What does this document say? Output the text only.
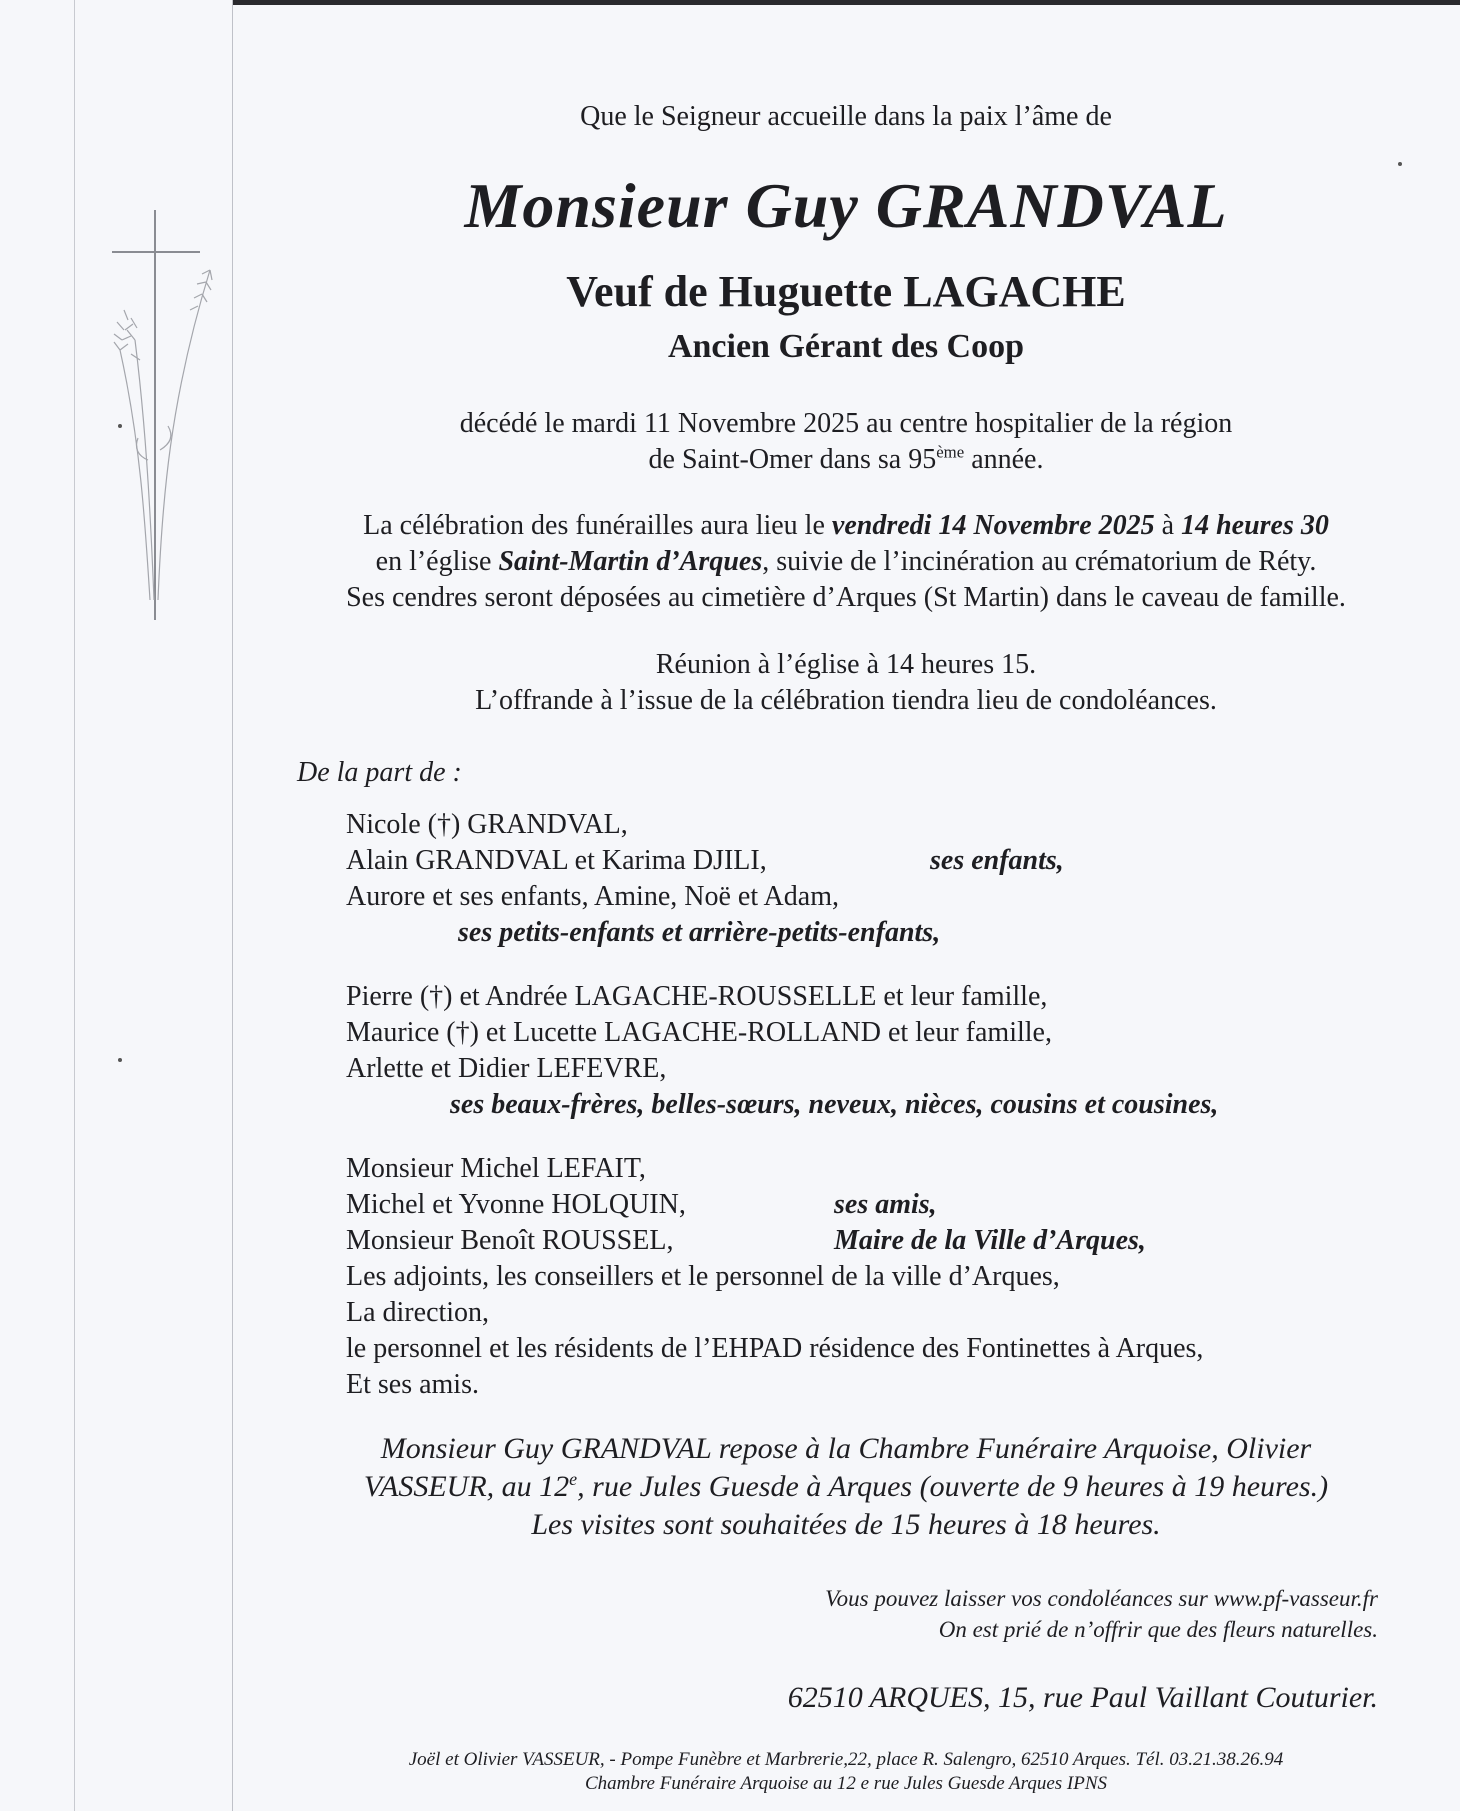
Que le Seigneur accueille dans la paix l’âme de

Monsieur Guy GRANDVAL

Veuf de Huguette LAGACHE

Ancien Gérant des Coop

décédé le mardi 11 Novembre 2025 au centre hospitalier de la région

de Saint-Omer dans sa 95ème année.

La célébration des funérailles aura lieu le vendredi 14 Novembre 2025 à 14 heures 30

en l’église Saint-Martin d’Arques, suivie de l’incinération au crématorium de Réty.

Ses cendres seront déposées au cimetière d’Arques (St Martin) dans le caveau de famille.

Réunion à l’église à 14 heures 15.

L’offrande à l’issue de la célébration tiendra lieu de condoléances.

De la part de :

Nicole (†) GRANDVAL,

Alain GRANDVAL et Karima DJILI,	ses enfants,

Aurore et ses enfants, Amine, Noë et Adam,

ses petits-enfants et arrière-petits-enfants,

Pierre (†) et Andrée LAGACHE-ROUSSELLE et leur famille,

Maurice (†) et Lucette LAGACHE-ROLLAND et leur famille,

Arlette et Didier LEFEVRE,

ses beaux-frères, belles-sœurs, neveux, nièces, cousins et cousines,

Monsieur Michel LEFAIT,

Michel et Yvonne HOLQUIN,	ses amis,

Monsieur Benoît ROUSSEL,	Maire de la Ville d’Arques,

Les adjoints, les conseillers et le personnel de la ville d’Arques,

La direction,

le personnel et les résidents de l’EHPAD résidence des Fontinettes à Arques,

Et ses amis.

Monsieur Guy GRANDVAL repose à la Chambre Funéraire Arquoise, Olivier

VASSEUR, au 12e, rue Jules Guesde à Arques (ouverte de 9 heures à 19 heures.)

Les visites sont souhaitées de 15 heures à 18 heures.

Vous pouvez laisser vos condoléances sur www.pf-vasseur.fr

On est prié de n’offrir que des fleurs naturelles.

62510 ARQUES, 15, rue Paul Vaillant Couturier.

Joël et Olivier VASSEUR, - Pompe Funèbre et Marbrerie,22, place R. Salengro, 62510 Arques. Tél. 03.21.38.26.94

Chambre Funéraire Arquoise au 12 e rue Jules Guesde Arques IPNS
